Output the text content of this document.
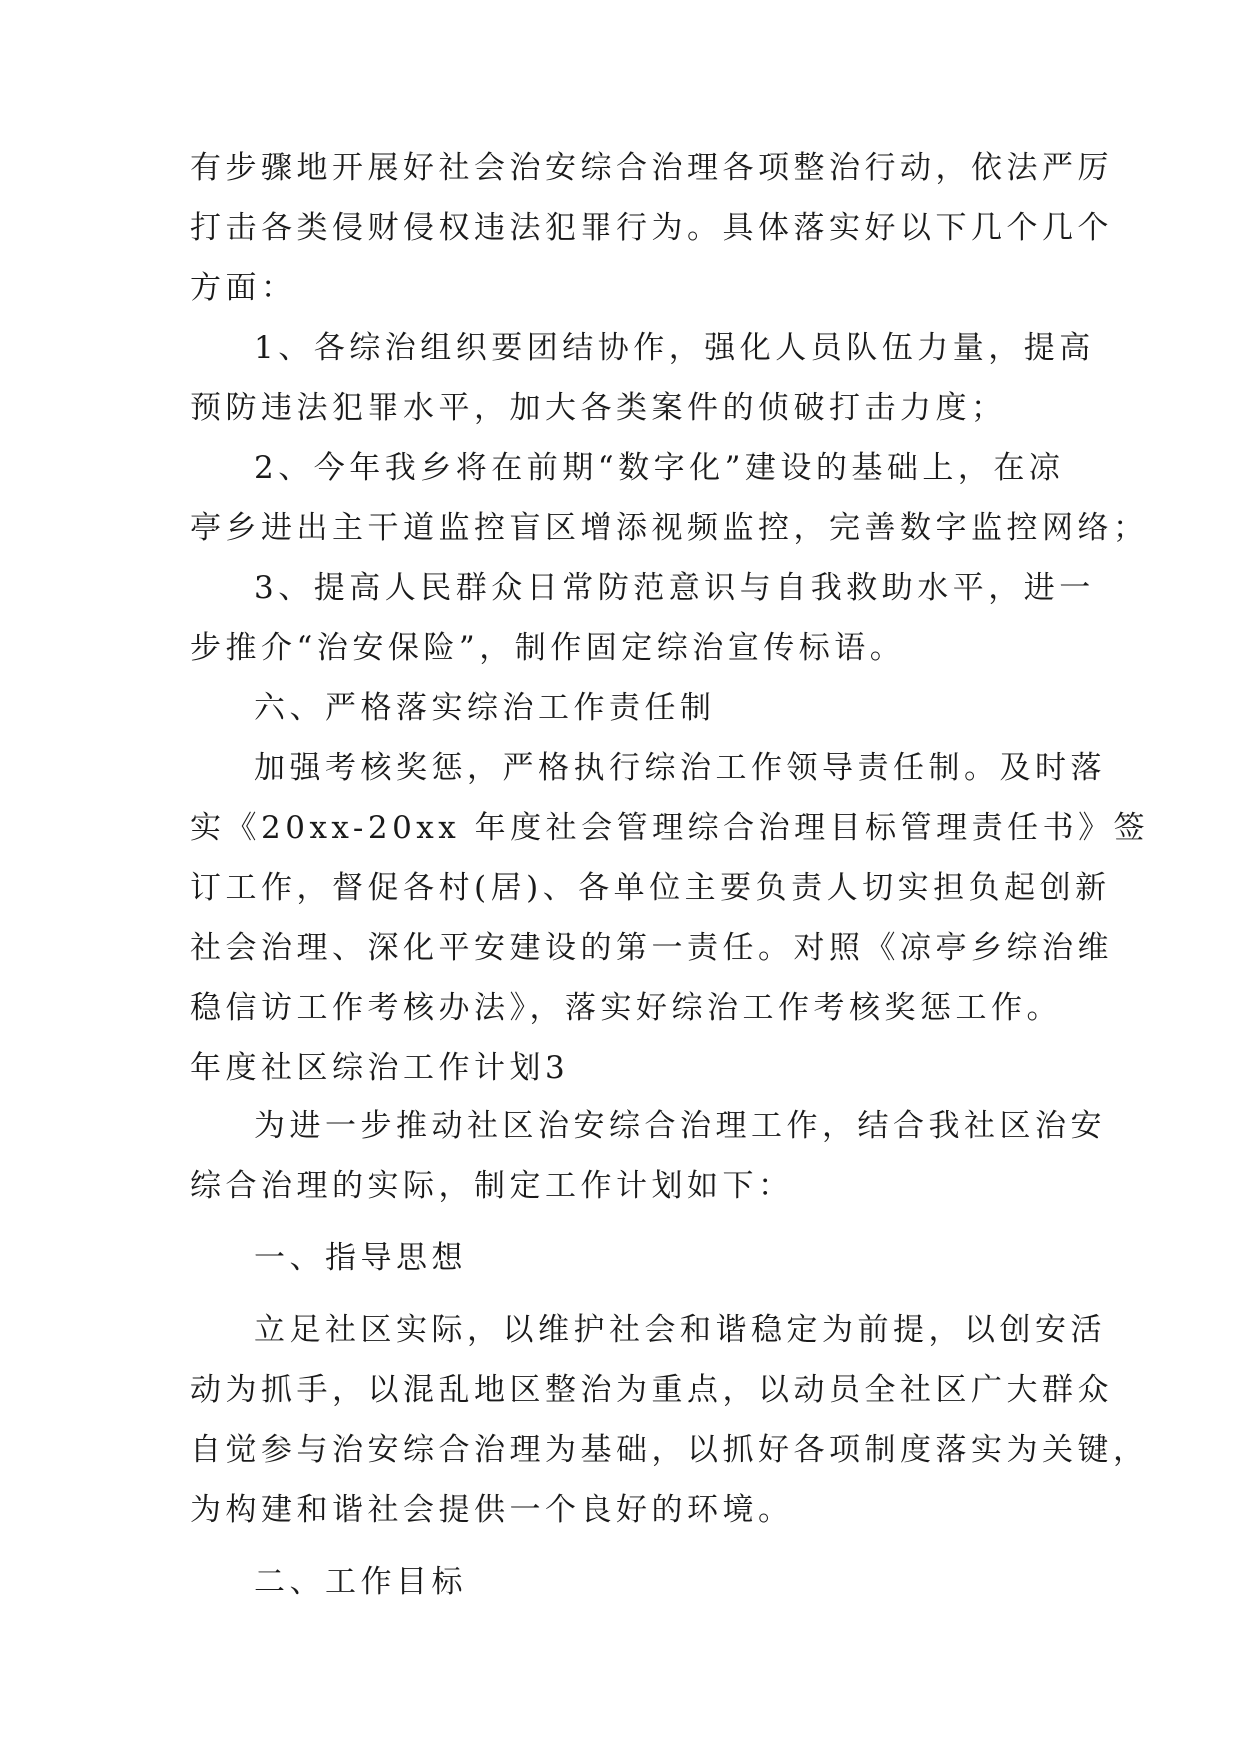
有步骤地开展好社会治安综合治理各项整治行动，依法严厉
打击各类侵财侵权违法犯罪行为。具体落实好以下几个几个
方面：
1、各综治组织要团结协作，强化人员队伍力量，提高
预防违法犯罪水平，加大各类案件的侦破打击力度；
2、今年我乡将在前期“数字化”建设的基础上，在凉
亭乡进出主干道监控盲区增添视频监控，完善数字监控网络；
3、提高人民群众日常防范意识与自我救助水平，进一
步推介“治安保险”，制作固定综治宣传标语。
六、严格落实综治工作责任制
加强考核奖惩，严格执行综治工作领导责任制。及时落
实《20xx-20xx 年度社会管理综合治理目标管理责任书》签
订工作，督促各村(居)、各单位主要负责人切实担负起创新
社会治理、深化平安建设的第一责任。对照《凉亭乡综治维
稳信访工作考核办法》，落实好综治工作考核奖惩工作。
年度社区综治工作计划3
为进一步推动社区治安综合治理工作，结合我社区治安
综合治理的实际，制定工作计划如下：
一、指导思想
立足社区实际，以维护社会和谐稳定为前提，以创安活
动为抓手，以混乱地区整治为重点，以动员全社区广大群众
自觉参与治安综合治理为基础，以抓好各项制度落实为关键，
为构建和谐社会提供一个良好的环境。
二、工作目标
